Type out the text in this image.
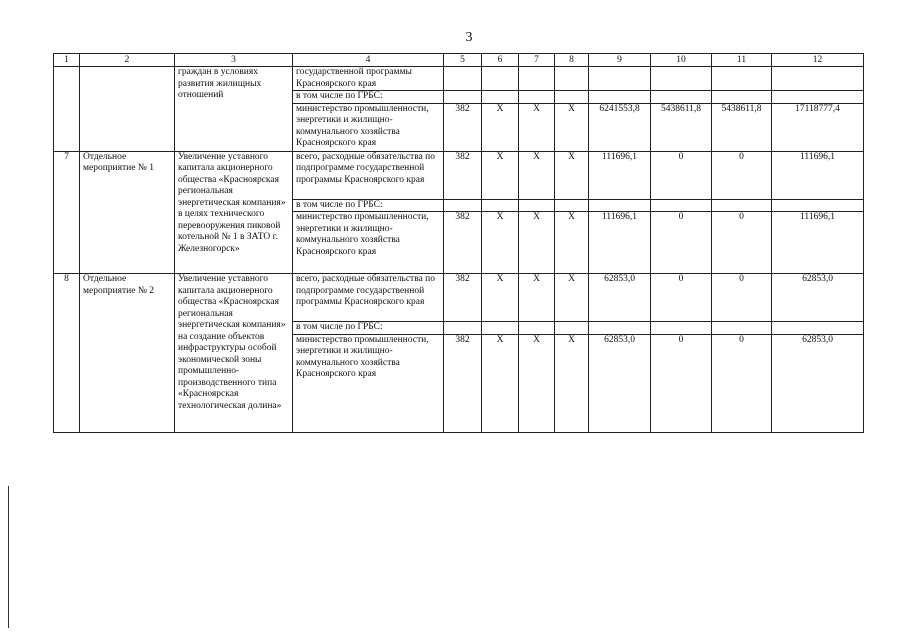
3
1	2	3	4	5	6	7	8	9	10	11	12
		граждан в условиях развития жилищных отношений	государственной программы Красноярского края								
			в том числе по ГРБС:								
			министерство промышленности, энергетики и жилищно-коммунального хозяйства Красноярского края	382	X	X	X	6241553,8	5438611,8	5438611,8	17118777,4
7	Отдельное мероприятие № 1	Увеличение уставного капитала акционерного общества «Красноярская региональная энергетическая компания» в целях технического перевооружения пиковой котельной № 1 в ЗАТО г. Железногорск»	всего, расходные обязательства по подпрограмме государственной программы Красноярского края	382	X	X	X	111696,1	0	0	111696,1
			в том числе по ГРБС:								
			министерство промышленности, энергетики и жилищно-коммунального хозяйства Красноярского края	382	X	X	X	111696,1	0	0	111696,1
8	Отдельное мероприятие № 2	Увеличение уставного капитала акционерного общества «Красноярская региональная энергетическая компания» на создание объектов инфраструктуры особой экономической зоны промышленно-производственного типа «Красноярская технологическая долина»	всего, расходные обязательства по подпрограмме государственной программы Красноярского края	382	X	X	X	62853,0	0	0	62853,0
			в том числе по ГРБС:								
			министерство промышленности, энергетики и жилищно-коммунального хозяйства Красноярского края	382	X	X	X	62853,0	0	0	62853,0
